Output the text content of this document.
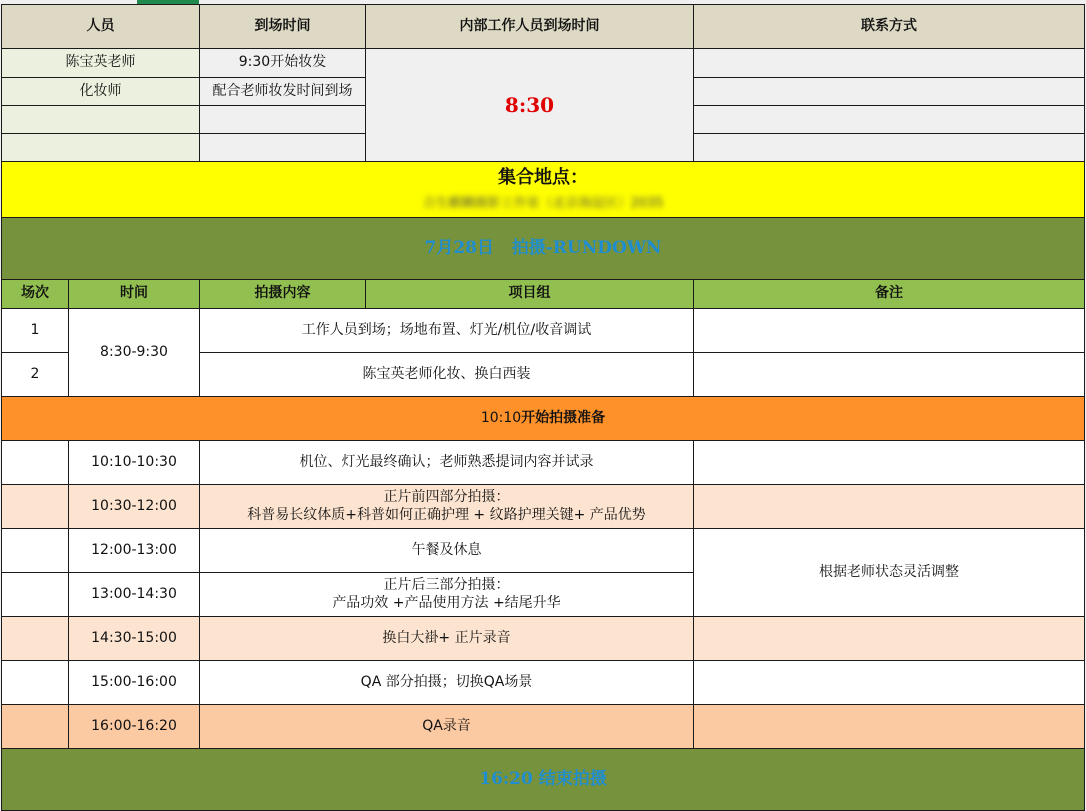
人员		到场时间	内部工作人员到场时间	联系方式
陈宝英老师		9:30开始妆发	8:30	
化妆师		配合老师妆发时间到场		

集合地点：
合生麒麟摄影工作室（北京海淀区）2035				

7月28日   拍摄-RUNDOWN				
场次	时间	拍摄内容	项目组	备注
1	8:30-9:30	工作人员到场；场地布置、灯光/机位/收音调试		
2		陈宝英老师化妆、换白西装		
10:10开始拍摄准备				
	10:10-10:30	机位、灯光最终确认；老师熟悉提词内容并试录		
	10:30-12:00	正片前四部分拍摄：
科普易长纹体质+科普如何正确护理 + 纹路护理关键+ 产品优势		

	12:00-13:00	午餐及休息		根据老师状态灵活调整
	13:00-14:30	正片后三部分拍摄：
产品功效 +产品使用方法 +结尾升华		

	14:30-15:00	换白大褂+ 正片录音		
	15:00-16:00	QA 部分拍摄；切换QA场景		
	16:00-16:20	QA录音		
16:20 结束拍摄				
